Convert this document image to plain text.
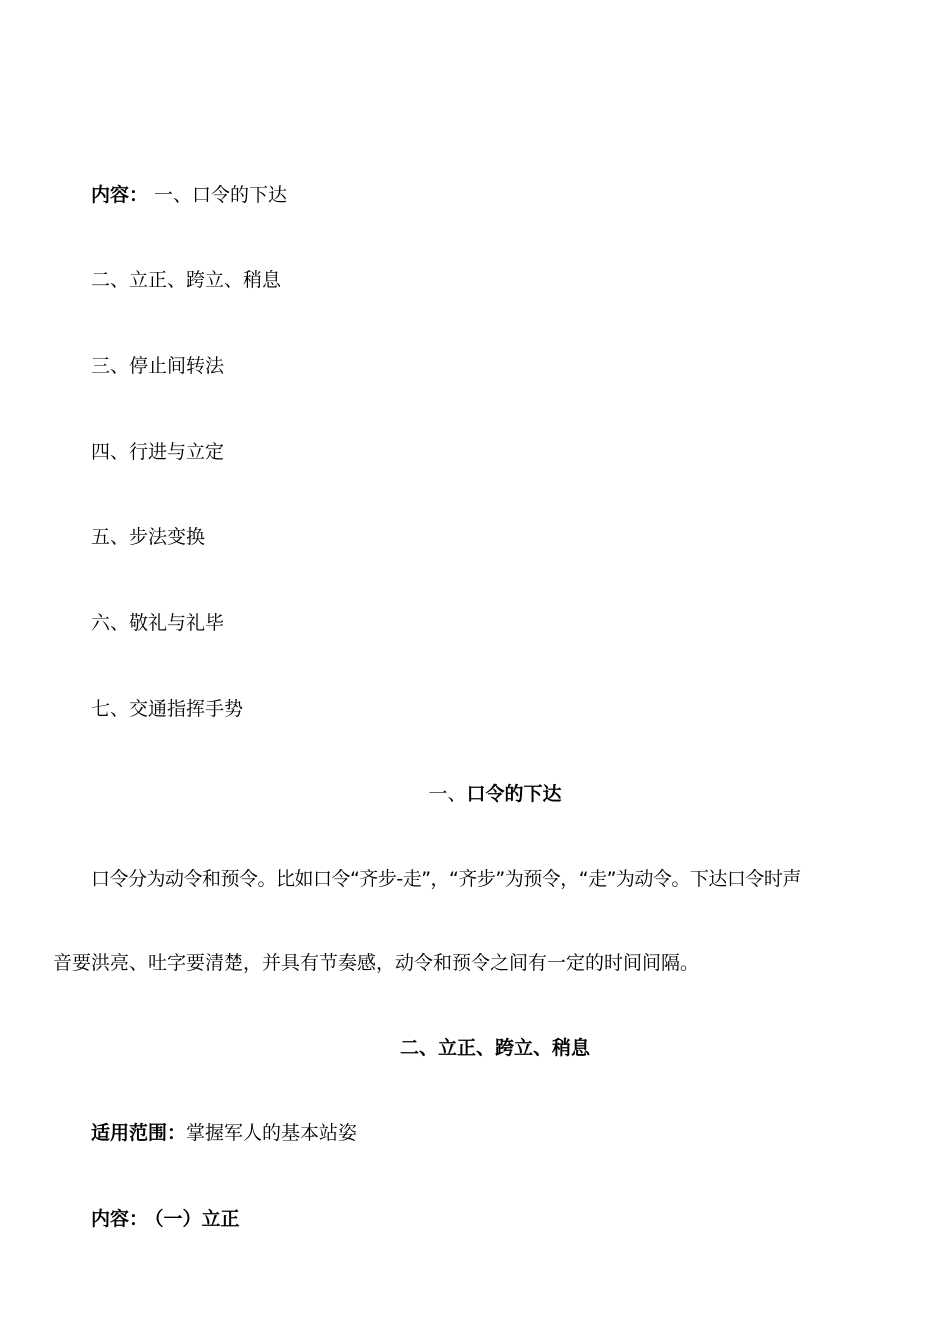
内容： 一、口令的下达
二、立正、跨立、稍息
三、停止间转法
四、行进与立定
五、步法变换
六、敬礼与礼毕
七、交通指挥手势
一、口令的下达
口令分为动令和预令。比如口令“齐步-走”，“齐步”为预令，“走”为动令。下达口令时声
音要洪亮、吐字要清楚，并具有节奏感，动令和预令之间有一定的时间间隔。
二、立正、跨立、稍息
适用范围：掌握军人的基本站姿
内容： （一）立正
